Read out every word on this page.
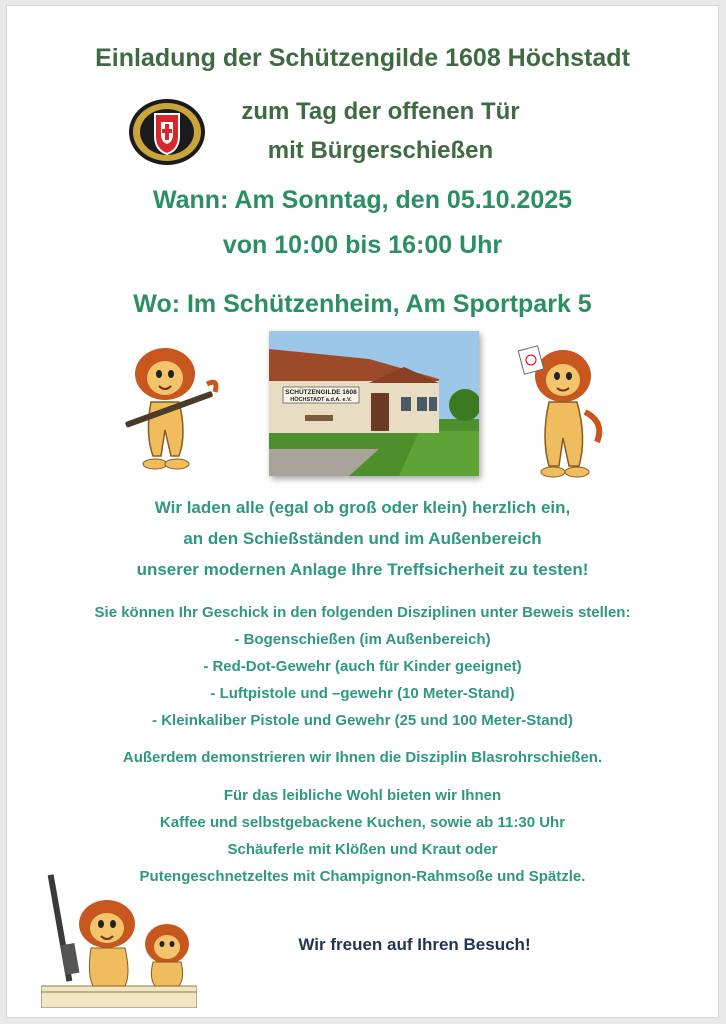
Einladung der Schützengilde 1608 Höchstadt
zum Tag der offenen Tür
mit Bürgerschießen
Wann: Am Sonntag, den 05.10.2025
von 10:00 bis 16:00 Uhr
Wo: Im Schützenheim, Am Sportpark 5
SCHÜTZENGILDE 1608
HÖCHSTADT a.d.A. e.V.
Wir laden alle (egal ob groß oder klein) herzlich ein,
an den Schießständen und im Außenbereich
unserer modernen Anlage Ihre Treffsicherheit zu testen!
Sie können Ihr Geschick in den folgenden Disziplinen unter Beweis stellen:
- Bogenschießen (im Außenbereich)
- Red-Dot-Gewehr (auch für Kinder geeignet)
- Luftpistole und –gewehr (10 Meter-Stand)
- Kleinkaliber Pistole und Gewehr (25 und 100 Meter-Stand)
Außerdem demonstrieren wir Ihnen die Disziplin Blasrohrschießen.
Für das leibliche Wohl bieten wir Ihnen
Kaffee und selbstgebackene Kuchen, sowie ab 11:30 Uhr
Schäuferle mit Klößen und Kraut oder
Putengeschnetzeltes mit Champignon-Rahmsoße und Spätzle.
Wir freuen auf Ihren Besuch!
